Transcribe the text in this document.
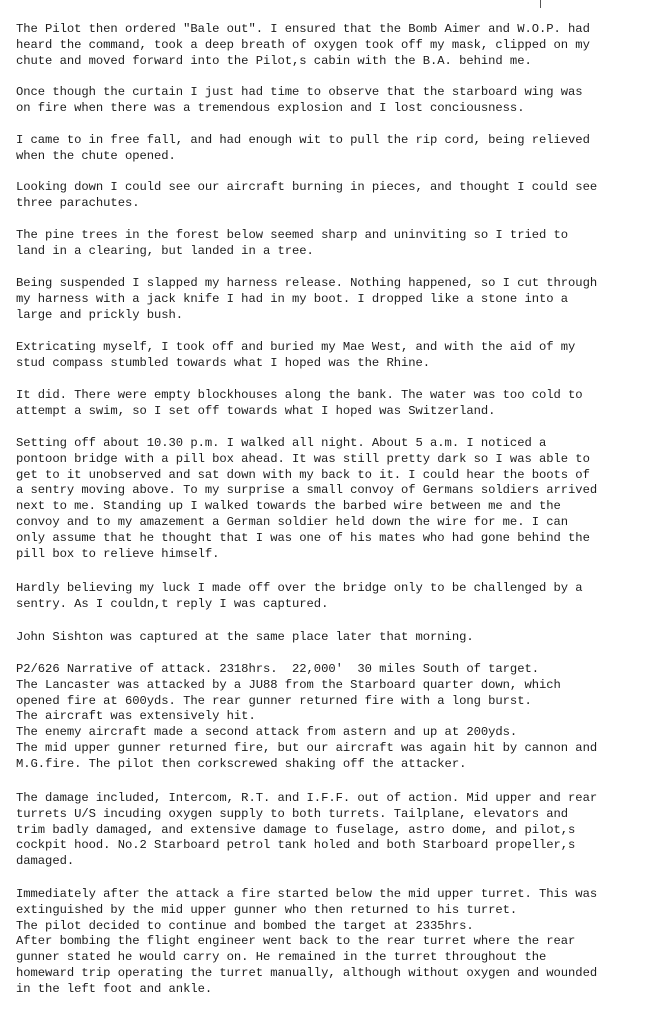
The Pilot then ordered "Bale out". I ensured that the Bomb Aimer and W.O.P. had
heard the command, took a deep breath of oxygen took off my mask, clipped on my
chute and moved forward into the Pilot,s cabin with the B.A. behind me.

Once though the curtain I just had time to observe that the starboard wing was
on fire when there was a tremendous explosion and I lost conciousness.

I came to in free fall, and had enough wit to pull the rip cord, being relieved
when the chute opened.

Looking down I could see our aircraft burning in pieces, and thought I could see
three parachutes.

The pine trees in the forest below seemed sharp and uninviting so I tried to
land in a clearing, but landed in a tree.

Being suspended I slapped my harness release. Nothing happened, so I cut through
my harness with a jack knife I had in my boot. I dropped like a stone into a
large and prickly bush.

Extricating myself, I took off and buried my Mae West, and with the aid of my
stud compass stumbled towards what I hoped was the Rhine.

It did. There were empty blockhouses along the bank. The water was too cold to
attempt a swim, so I set off towards what I hoped was Switzerland.

Setting off about 10.30 p.m. I walked all night. About 5 a.m. I noticed a
pontoon bridge with a pill box ahead. It was still pretty dark so I was able to
get to it unobserved and sat down with my back to it. I could hear the boots of
a sentry moving above. To my surprise a small convoy of Germans soldiers arrived
next to me. Standing up I walked towards the barbed wire between me and the
convoy and to my amazement a German soldier held down the wire for me. I can
only assume that he thought that I was one of his mates who had gone behind the
pill box to relieve himself.

Hardly believing my luck I made off over the bridge only to be challenged by a
sentry. As I couldn,t reply I was captured.

John Sishton was captured at the same place later that morning.

P2/626 Narrative of attack. 2318hrs.  22,000'  30 miles South of target.
The Lancaster was attacked by a JU88 from the Starboard quarter down, which
opened fire at 600yds. The rear gunner returned fire with a long burst.
The aircraft was extensively hit.
The enemy aircraft made a second attack from astern and up at 200yds.
The mid upper gunner returned fire, but our aircraft was again hit by cannon and
M.G.fire. The pilot then corkscrewed shaking off the attacker.

The damage included, Intercom, R.T. and I.F.F. out of action. Mid upper and rear
turrets U/S incuding oxygen supply to both turrets. Tailplane, elevators and
trim badly damaged, and extensive damage to fuselage, astro dome, and pilot,s
cockpit hood. No.2 Starboard petrol tank holed and both Starboard propeller,s
damaged.

Immediately after the attack a fire started below the mid upper turret. This was
extinguished by the mid upper gunner who then returned to his turret.
The pilot decided to continue and bombed the target at 2335hrs.
After bombing the flight engineer went back to the rear turret where the rear
gunner stated he would carry on. He remained in the turret throughout the
homeward trip operating the turret manually, although without oxygen and wounded
in the left foot and ankle.
